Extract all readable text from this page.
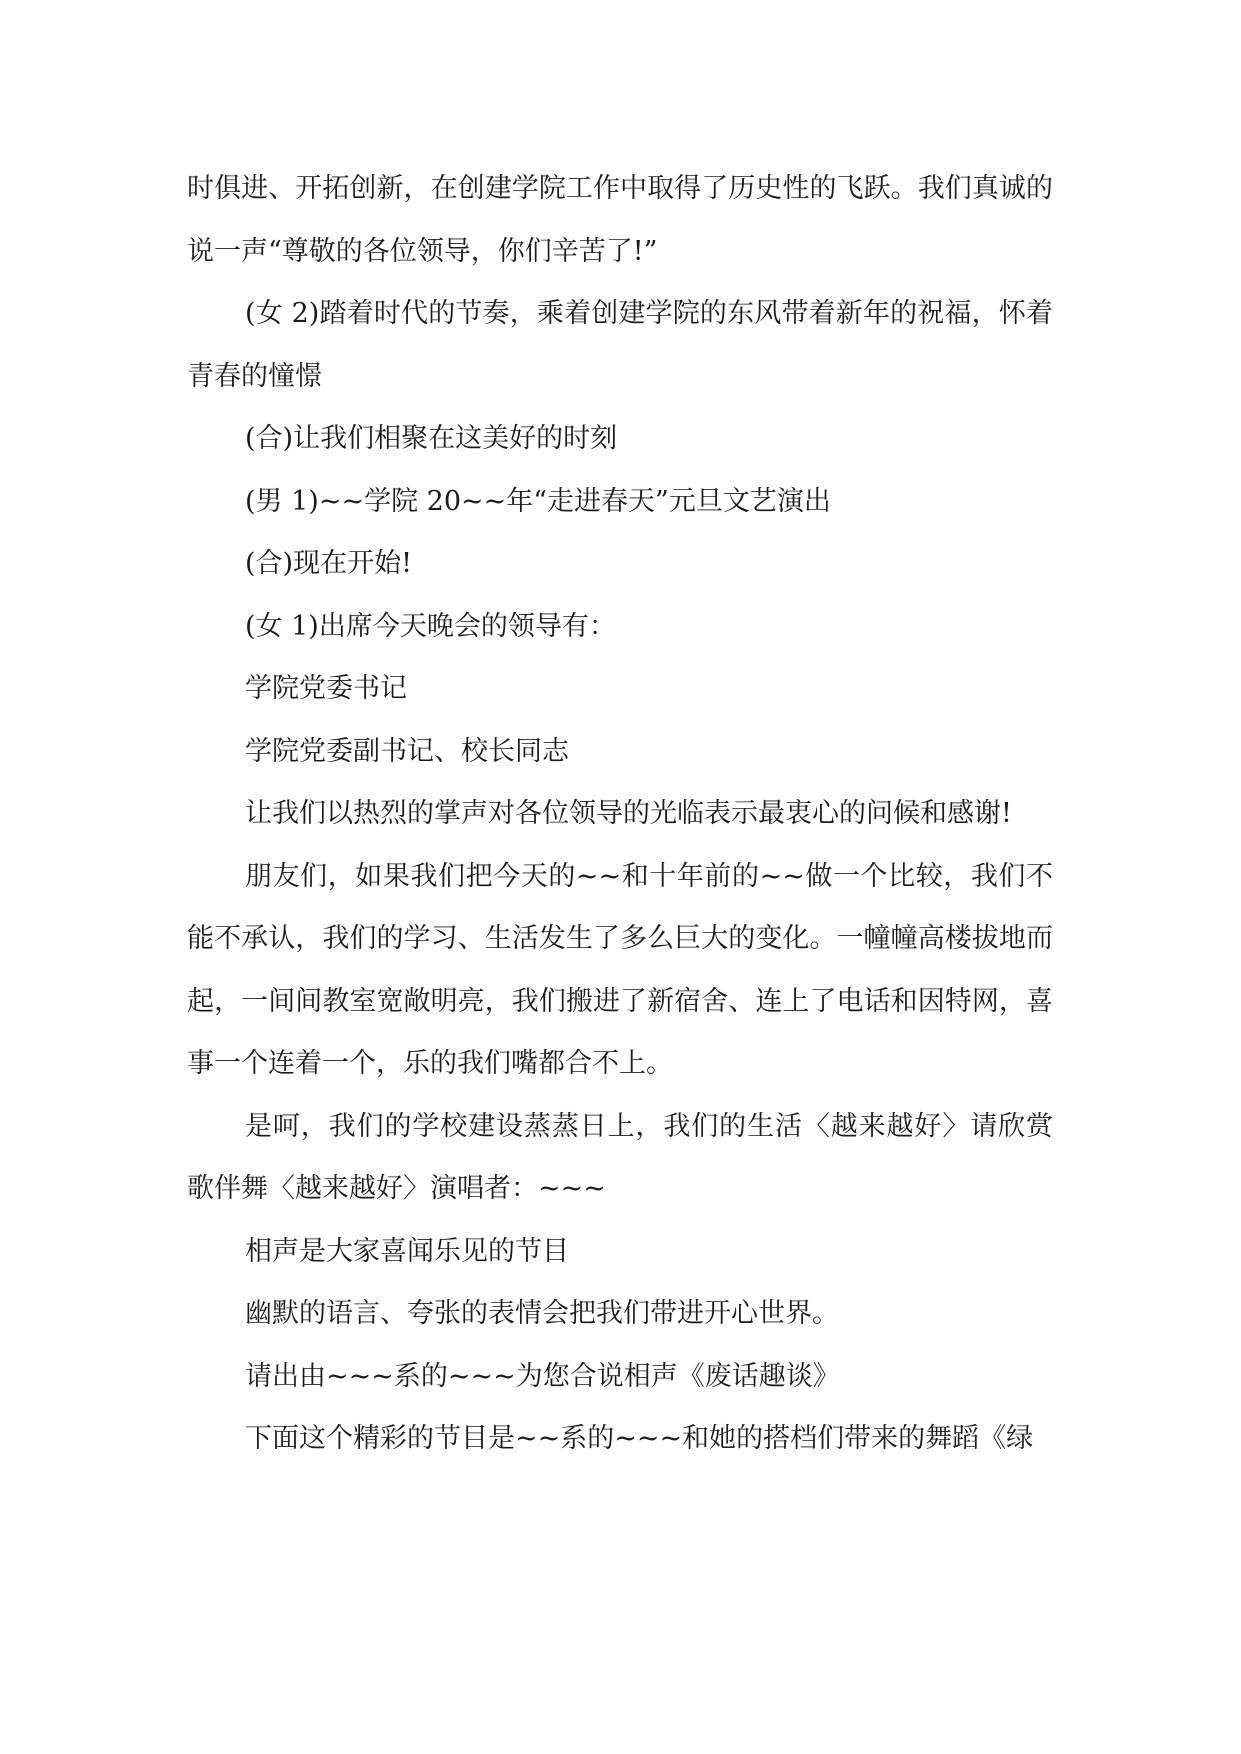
时俱进、开拓创新，在创建学院工作中取得了历史性的飞跃。我们真诚的说一声“尊敬的各位领导，你们辛苦了!”

(女 2)踏着时代的节奏，乘着创建学院的东风带着新年的祝福，怀着青春的憧憬

(合)让我们相聚在这美好的时刻

(男 1)~~学院 20~~年“走进春天”元旦文艺演出

(合)现在开始!

(女 1)出席今天晚会的领导有：

学院党委书记

学院党委副书记、校长同志

让我们以热烈的掌声对各位领导的光临表示最衷心的问候和感谢!

朋友们，如果我们把今天的~~和十年前的~~做一个比较，我们不能不承认，我们的学习、生活发生了多么巨大的变化。一幢幢高楼拔地而起，一间间教室宽敞明亮，我们搬进了新宿舍、连上了电话和因特网，喜事一个连着一个，乐的我们嘴都合不上。

是呵，我们的学校建设蒸蒸日上，我们的生活〈越来越好〉请欣赏歌伴舞〈越来越好〉演唱者：~~~

相声是大家喜闻乐见的节目

幽默的语言、夸张的表情会把我们带进开心世界。

请出由~~~系的~~~为您合说相声《废话趣谈》

下面这个精彩的节目是~~系的~~~和她的搭档们带来的舞蹈《绿
